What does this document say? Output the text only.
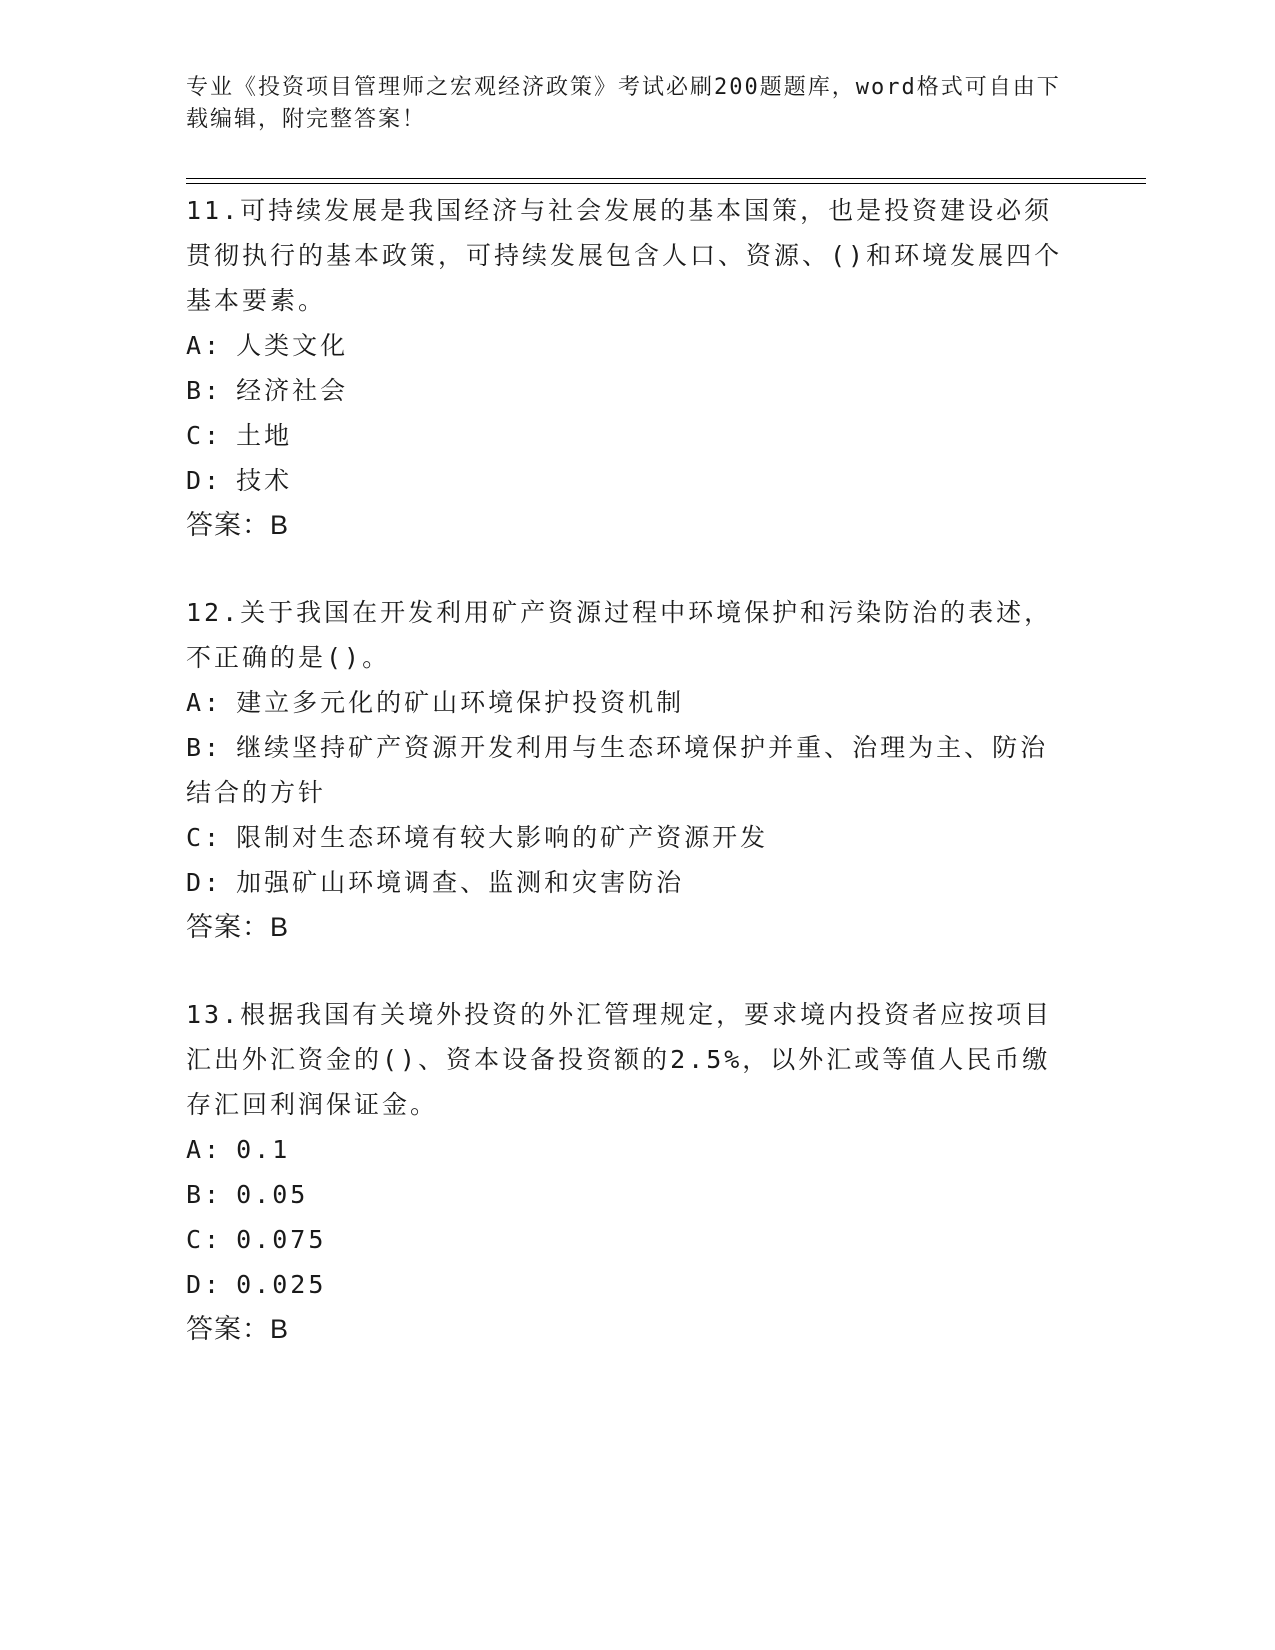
专业《投资项目管理师之宏观经济政策》考试必刷200题题库，word格式可自由下载编辑，附完整答案！
11.可持续发展是我国经济与社会发展的基本国策，也是投资建设必须贯彻执行的基本政策，可持续发展包含人口、资源、()和环境发展四个基本要素。
A: 人类文化
B: 经济社会
C: 土地
D: 技术
答案：B
12.关于我国在开发利用矿产资源过程中环境保护和污染防治的表述，不正确的是()。
A: 建立多元化的矿山环境保护投资机制
B: 继续坚持矿产资源开发利用与生态环境保护并重、治理为主、防治结合的方针
C: 限制对生态环境有较大影响的矿产资源开发
D: 加强矿山环境调查、监测和灾害防治
答案：B
13.根据我国有关境外投资的外汇管理规定，要求境内投资者应按项目汇出外汇资金的()、资本设备投资额的2.5%，以外汇或等值人民币缴存汇回利润保证金。
A: 0.1
B: 0.05
C: 0.075
D: 0.025
答案：B
